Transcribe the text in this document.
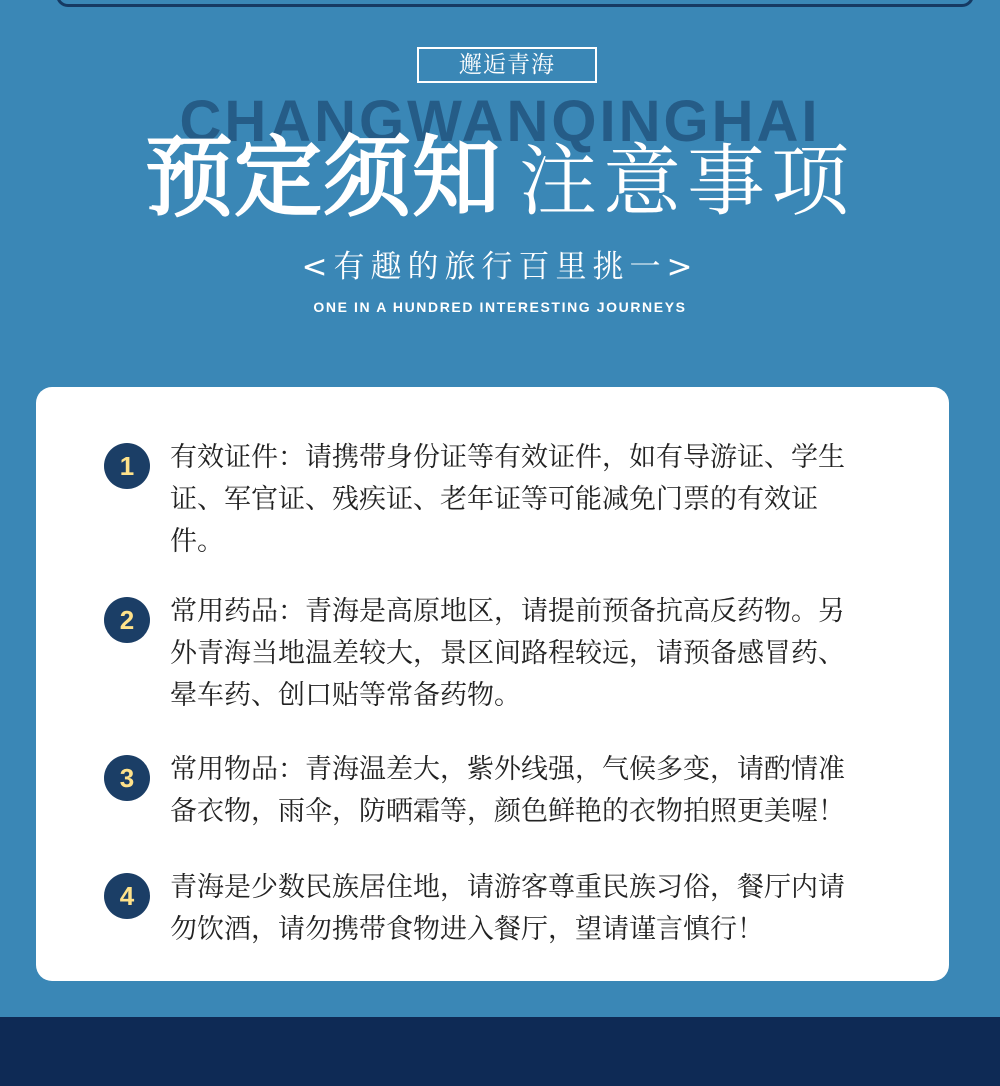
邂逅青海
CHANGWANQINGHAI
预定须知 注意事项
<有趣的旅行百里挑一>
ONE IN A HUNDRED INTERESTING JOURNEYS
1	有效证件：请携带身份证等有效证件，如有导游证、学生证、军官证、残疾证、老年证等可能减免门票的有效证件。
2	常用药品：青海是高原地区，请提前预备抗高反药物。另外青海当地温差较大，景区间路程较远，请预备感冒药、晕车药、创口贴等常备药物。
3	常用物品：青海温差大，紫外线强，气候多变，请酌情准备衣物，雨伞，防晒霜等，颜色鲜艳的衣物拍照更美喔！
4	青海是少数民族居住地，请游客尊重民族习俗，餐厅内请勿饮酒，请勿携带食物进入餐厅，望请谨言慎行！
